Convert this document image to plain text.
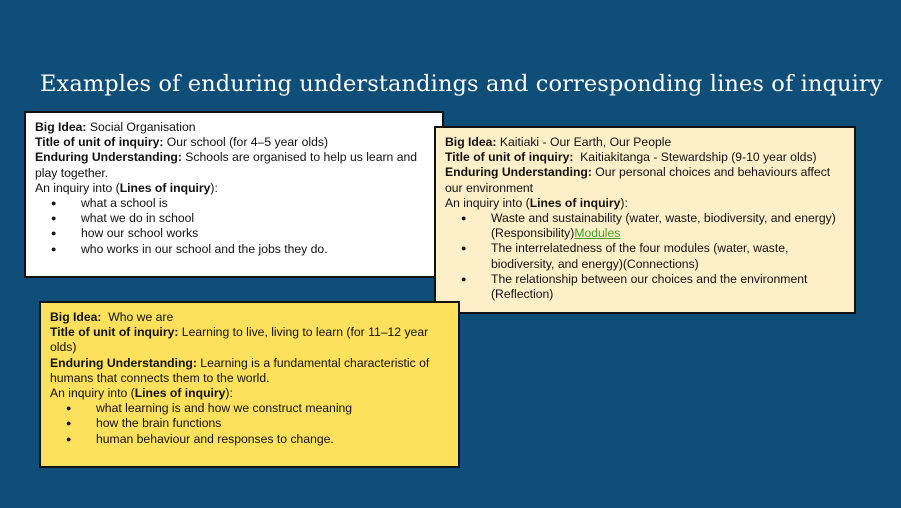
Examples of enduring understandings and corresponding lines of inquiry

Big Idea: Social Organisation

Title of unit of inquiry: Our school (for 4–5 year olds)

Enduring Understanding: Schools are organised to help us learn and play together.

An inquiry into (Lines of inquiry):

● what a school is
● what we do in school
● how our school works
● who works in our school and the jobs they do.

Big Idea: Kaitiaki - Our Earth, Our People

Title of unit of inquiry:  Kaitiakitanga - Stewardship (9-10 year olds)

Enduring Understanding: Our personal choices and behaviours affect our environment

An inquiry into (Lines of inquiry):

● Waste and sustainability (water, waste, biodiversity, and energy) (Responsibility)Modules
● The interrelatedness of the four modules (water, waste, biodiversity, and energy)(Connections)
● The relationship between our choices and the environment (Reflection)

Big Idea:  Who we are

Title of unit of inquiry: Learning to live, living to learn (for 11–12 year olds)

Enduring Understanding: Learning is a fundamental characteristic of humans that connects them to the world.

An inquiry into (Lines of inquiry):

● what learning is and how we construct meaning
● how the brain functions
● human behaviour and responses to change.
